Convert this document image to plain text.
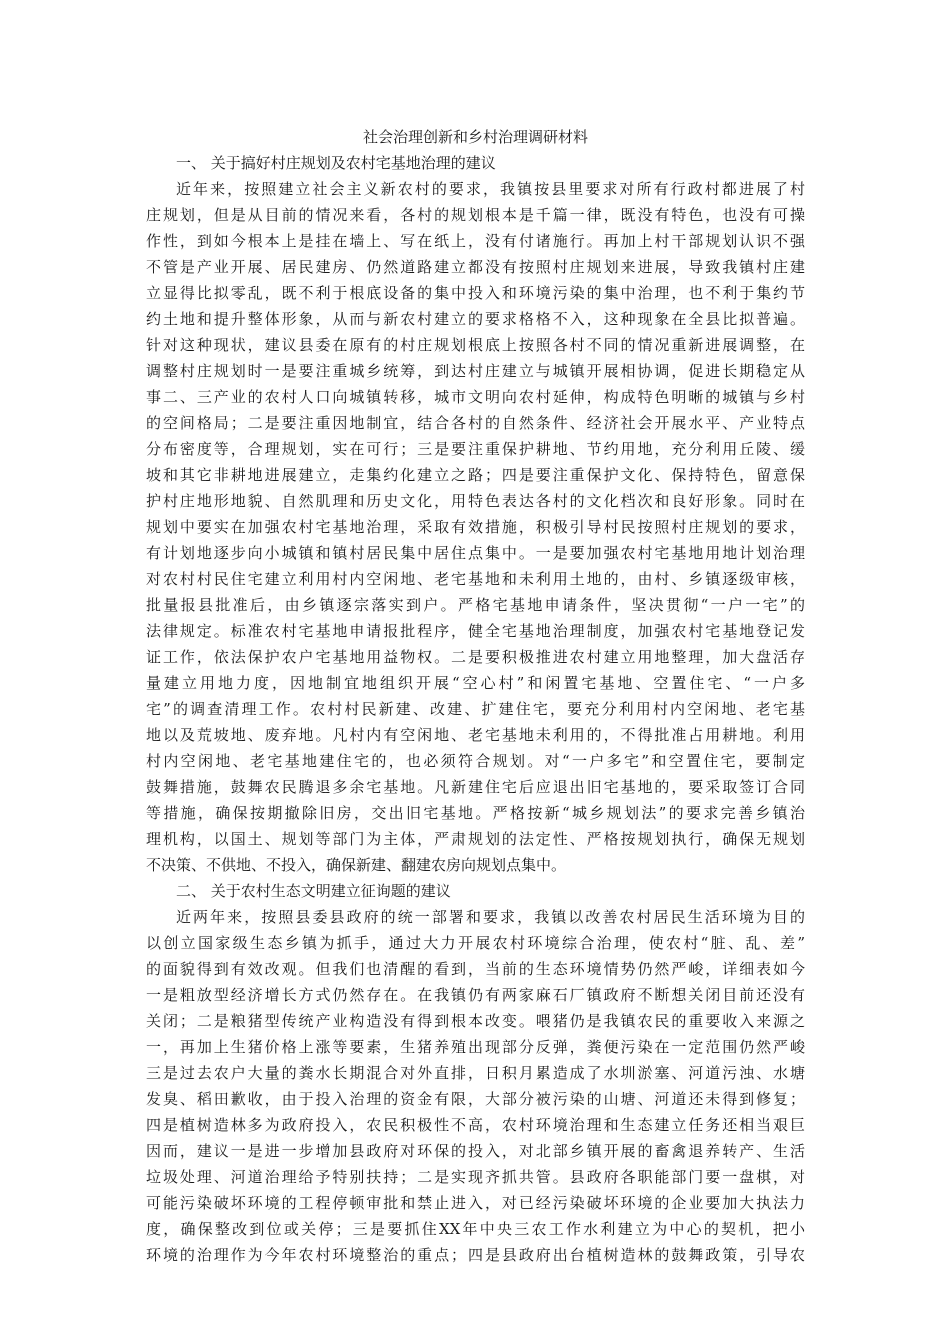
社会治理创新和乡村治理调研材料
一、 关于搞好村庄规划及农村宅基地治理的建议
近年来，按照建立社会主义新农村的要求，我镇按县里要求对所有行政村都进展了村
庄规划，但是从目前的情况来看，各村的规划根本是千篇一律，既没有特色，也没有可操
作性，到如今根本上是挂在墙上、写在纸上，没有付诸施行。再加上村干部规划认识不强
不管是产业开展、居民建房、仍然道路建立都没有按照村庄规划来进展，导致我镇村庄建
立显得比拟零乱，既不利于根底设备的集中投入和环境污染的集中治理，也不利于集约节
约土地和提升整体形象，从而与新农村建立的要求格格不入，这种现象在全县比拟普遍。
针对这种现状，建议县委在原有的村庄规划根底上按照各村不同的情况重新进展调整，在
调整村庄规划时一是要注重城乡统筹，到达村庄建立与城镇开展相协调，促进长期稳定从
事二、三产业的农村人口向城镇转移，城市文明向农村延伸，构成特色明晰的城镇与乡村
的空间格局；二是要注重因地制宜，结合各村的自然条件、经济社会开展水平、产业特点
分布密度等，合理规划，实在可行；三是要注重保护耕地、节约用地，充分利用丘陵、缓
坡和其它非耕地进展建立，走集约化建立之路；四是要注重保护文化、保持特色，留意保
护村庄地形地貌、自然肌理和历史文化，用特色表达各村的文化档次和良好形象。同时在
规划中要实在加强农村宅基地治理，采取有效措施，积极引导村民按照村庄规划的要求，
有计划地逐步向小城镇和镇村居民集中居住点集中。一是要加强农村宅基地用地计划治理
对农村村民住宅建立利用村内空闲地、老宅基地和未利用土地的，由村、乡镇逐级审核，
批量报县批准后，由乡镇逐宗落实到户。严格宅基地申请条件，坚决贯彻“一户一宅”的
法律规定。标准农村宅基地申请报批程序，健全宅基地治理制度，加强农村宅基地登记发
证工作，依法保护农户宅基地用益物权。二是要积极推进农村建立用地整理，加大盘活存
量建立用地力度，因地制宜地组织开展“空心村”和闲置宅基地、空置住宅、“一户多
宅”的调查清理工作。农村村民新建、改建、扩建住宅，要充分利用村内空闲地、老宅基
地以及荒坡地、废弃地。凡村内有空闲地、老宅基地未利用的，不得批准占用耕地。利用
村内空闲地、老宅基地建住宅的，也必须符合规划。对“一户多宅”和空置住宅，要制定
鼓舞措施，鼓舞农民腾退多余宅基地。凡新建住宅后应退出旧宅基地的，要采取签订合同
等措施，确保按期撤除旧房，交出旧宅基地。严格按新“城乡规划法”的要求完善乡镇治
理机构，以国土、规划等部门为主体，严肃规划的法定性、严格按规划执行，确保无规划
不决策、不供地、不投入，确保新建、翻建农房向规划点集中。
二、 关于农村生态文明建立征询题的建议
近两年来，按照县委县政府的统一部署和要求，我镇以改善农村居民生活环境为目的
以创立国家级生态乡镇为抓手，通过大力开展农村环境综合治理，使农村“脏、乱、差”
的面貌得到有效改观。但我们也清醒的看到，当前的生态环境情势仍然严峻，详细表如今
一是粗放型经济增长方式仍然存在。在我镇仍有两家麻石厂镇政府不断想关闭目前还没有
关闭；二是粮猪型传统产业构造没有得到根本改变。喂猪仍是我镇农民的重要收入来源之
一，再加上生猪价格上涨等要素，生猪养殖出现部分反弹，粪便污染在一定范围仍然严峻
三是过去农户大量的粪水长期混合对外直排，日积月累造成了水圳淤塞、河道污浊、水塘
发臭、稻田歉收，由于投入治理的资金有限，大部分被污染的山塘、河道还未得到修复；
四是植树造林多为政府投入，农民积极性不高，农村环境治理和生态建立任务还相当艰巨
因而，建议一是进一步增加县政府对环保的投入，对北部乡镇开展的畜禽退养转产、生活
垃圾处理、河道治理给予特别扶持；二是实现齐抓共管。县政府各职能部门要一盘棋，对
可能污染破坏环境的工程停顿审批和禁止进入，对已经污染破坏环境的企业要加大执法力
度，确保整改到位或关停；三是要抓住XX年中央三农工作水利建立为中心的契机，把小
环境的治理作为今年农村环境整治的重点；四是县政府出台植树造林的鼓舞政策，引导农
